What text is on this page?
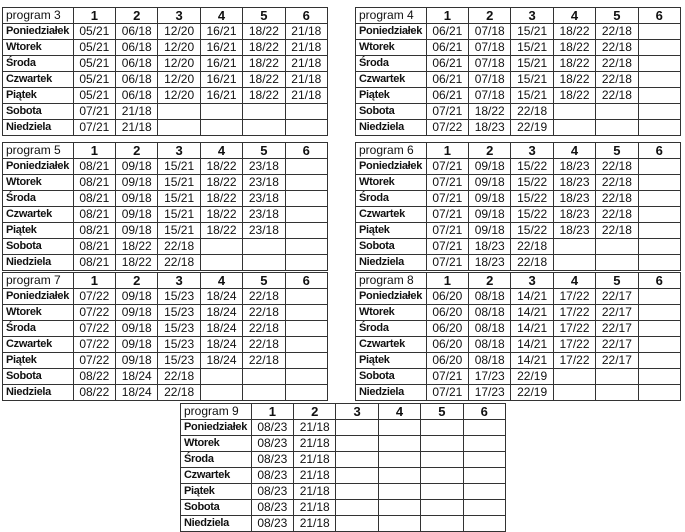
program 3	1	2	3	4	5	6
Poniedziałek	05/21	06/18	12/20	16/21	18/22	21/18
Wtorek	05/21	06/18	12/20	16/21	18/22	21/18
Środa	05/21	06/18	12/20	16/21	18/22	21/18
Czwartek	05/21	06/18	12/20	16/21	18/22	21/18
Piątek	05/21	06/18	12/20	16/21	18/22	21/18
Sobota	07/21	21/18				
Niedziela	07/21	21/18				
program 4	1	2	3	4	5	6
Poniedziałek	06/21	07/18	15/21	18/22	22/18	
Wtorek	06/21	07/18	15/21	18/22	22/18	
Środa	06/21	07/18	15/21	18/22	22/18	
Czwartek	06/21	07/18	15/21	18/22	22/18	
Piątek	06/21	07/18	15/21	18/22	22/18	
Sobota	07/21	18/22	22/18			
Niedziela	07/22	18/23	22/19			
program 5	1	2	3	4	5	6
Poniedziałek	08/21	09/18	15/21	18/22	23/18	
Wtorek	08/21	09/18	15/21	18/22	23/18	
Środa	08/21	09/18	15/21	18/22	23/18	
Czwartek	08/21	09/18	15/21	18/22	23/18	
Piątek	08/21	09/18	15/21	18/22	23/18	
Sobota	08/21	18/22	22/18			
Niedziela	08/21	18/22	22/18			
program 6	1	2	3	4	5	6
Poniedziałek	07/21	09/18	15/22	18/23	22/18	
Wtorek	07/21	09/18	15/22	18/23	22/18	
Środa	07/21	09/18	15/22	18/23	22/18	
Czwartek	07/21	09/18	15/22	18/23	22/18	
Piątek	07/21	09/18	15/22	18/23	22/18	
Sobota	07/21	18/23	22/18			
Niedziela	07/21	18/23	22/18			
program 7	1	2	3	4	5	6
Poniedziałek	07/22	09/18	15/23	18/24	22/18	
Wtorek	07/22	09/18	15/23	18/24	22/18	
Środa	07/22	09/18	15/23	18/24	22/18	
Czwartek	07/22	09/18	15/23	18/24	22/18	
Piątek	07/22	09/18	15/23	18/24	22/18	
Sobota	08/22	18/24	22/18			
Niedziela	08/22	18/24	22/18			
program 8	1	2	3	4	5	6
Poniedziałek	06/20	08/18	14/21	17/22	22/17	
Wtorek	06/20	08/18	14/21	17/22	22/17	
Środa	06/20	08/18	14/21	17/22	22/17	
Czwartek	06/20	08/18	14/21	17/22	22/17	
Piątek	06/20	08/18	14/21	17/22	22/17	
Sobota	07/21	17/23	22/19			
Niedziela	07/21	17/23	22/19			
program 9	1	2	3	4	5	6
Poniedziałek	08/23	21/18				
Wtorek	08/23	21/18				
Środa	08/23	21/18				
Czwartek	08/23	21/18				
Piątek	08/23	21/18				
Sobota	08/23	21/18				
Niedziela	08/23	21/18				
